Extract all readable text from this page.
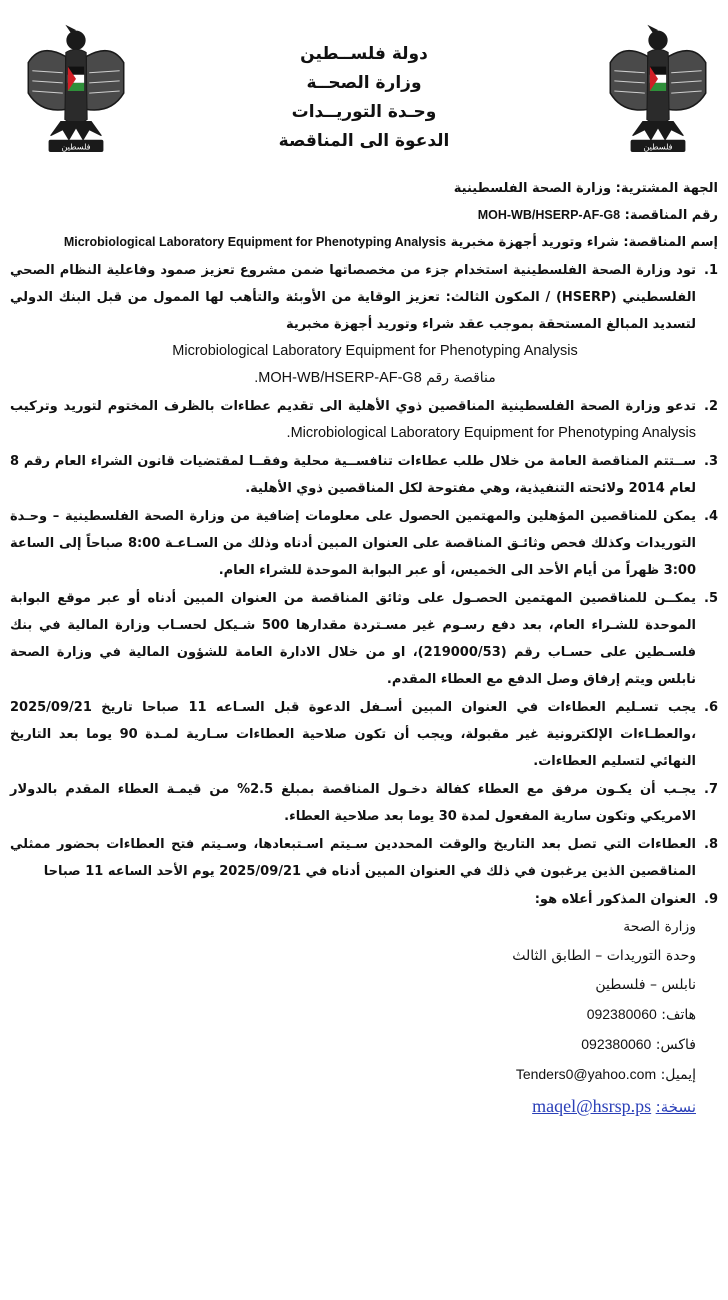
فلسطين	فلسطين
دولة فلســطين
وزارة الصحــة
وحـدة التوريــدات
الدعوة الى المناقصة
الجهة المشترية: وزارة الصحة الفلسطينية
رقم المناقصة: MOH-WB/HSERP-AF-G8
إسم المناقصة: شراء وتوريد أجهزة مخبرية Microbiological Laboratory Equipment for Phenotyping Analysis
1.
تود وزارة الصحة الفلسطينية استخدام جزء من مخصصاتها ضمن مشروع تعزيز صمود وفاعلية النظام الصحي الفلسطيني (HSERP) / المكون الثالث: تعزيز الوقاية من الأوبئة والتأهب لها الممول من قبل البنك الدولي لتسديد المبالغ المستحقة بموجب عقد شراء وتوريد أجهزة مخبرية
Microbiological Laboratory Equipment for Phenotyping Analysis
مناقصة رقم MOH-WB/HSERP-AF-G8.
2.
تدعو وزارة الصحة الفلسطينية المناقصين ذوي الأهلية الى تقديم عطاءات بالظرف المختوم لتوريد وتركيب Microbiological Laboratory Equipment for Phenotyping Analysis.
3.
ســتتم المناقصة العامة من خلال طلب عطاءات تنافســية محلية وفقــا لمقتضيات قانون الشراء العام رقم 8 لعام 2014 ولائحته التنفيذية، وهي مفتوحة لكل المناقصين ذوي الأهلية.
4.
يمكن للمناقصين المؤهلين والمهتمين الحصول على معلومات إضافية من وزارة الصحة الفلسطينية – وحـدة التوريدات وكذلك فحص وثائـق المناقصة على العنوان المبين أدناه وذلك من السـاعـة 8:00 صباحاً إلى الساعة 3:00 ظهراً من أيام الأحد الى الخميس، أو عبر البوابة الموحدة للشراء العام.
5.
يمكــن للمناقصين المهتمين الحصـول على وثائق المناقصة من العنوان المبين أدناه أو عبر موقع البوابة الموحدة للشـراء العام، بعد دفع رسـوم غير مسـتردة مقدارها 500 شـيكل لحسـاب وزارة المالية في بنك فلسـطين على حسـاب رقم (219000/53)، او من خلال الادارة العامة للشؤون المالية في وزارة الصحة نابلس ويتم إرفاق وصل الدفع مع العطاء المقدم.
6.
يجب تسـليم العطاءات في العنوان المبين أسـفل الدعوة قبل السـاعه 11 صباحا تاريخ 2025/09/21 ،والعطـاءات الإلكترونية غير مقبولة، ويجب أن تكون صلاحية العطاءات سـارية لمـدة 90 يوما بعد التاريخ النهائي لتسليم العطاءات.
7.
يجـب أن يكـون مرفق مع العطاء كفالة دخـول المناقصة بمبلغ 2.5% من قيمـة العطاء المقدم بالدولار الامريكي وتكون سارية المفعول لمدة 30 يوما بعد صلاحية العطاء.
8.
العطاءات التي تصل بعد التاريخ والوقت المحددين سـيتم اسـتبعادها، وسـيتم فتح العطاءات بحضور ممثلي المناقصين الذين يرغبون في ذلك في العنوان المبين أدناه في 2025/09/21 يوم الأحد الساعه 11 صباحا
9.
العنوان المذكور أعلاه هو:
وزارة الصحة
وحدة التوريدات – الطابق الثالث
نابلس – فلسطين
هاتف: 092380060
فاكس: 092380060
إيميل: Tenders0@yahoo.com
نسخة: maqel@hsrsp.ps
